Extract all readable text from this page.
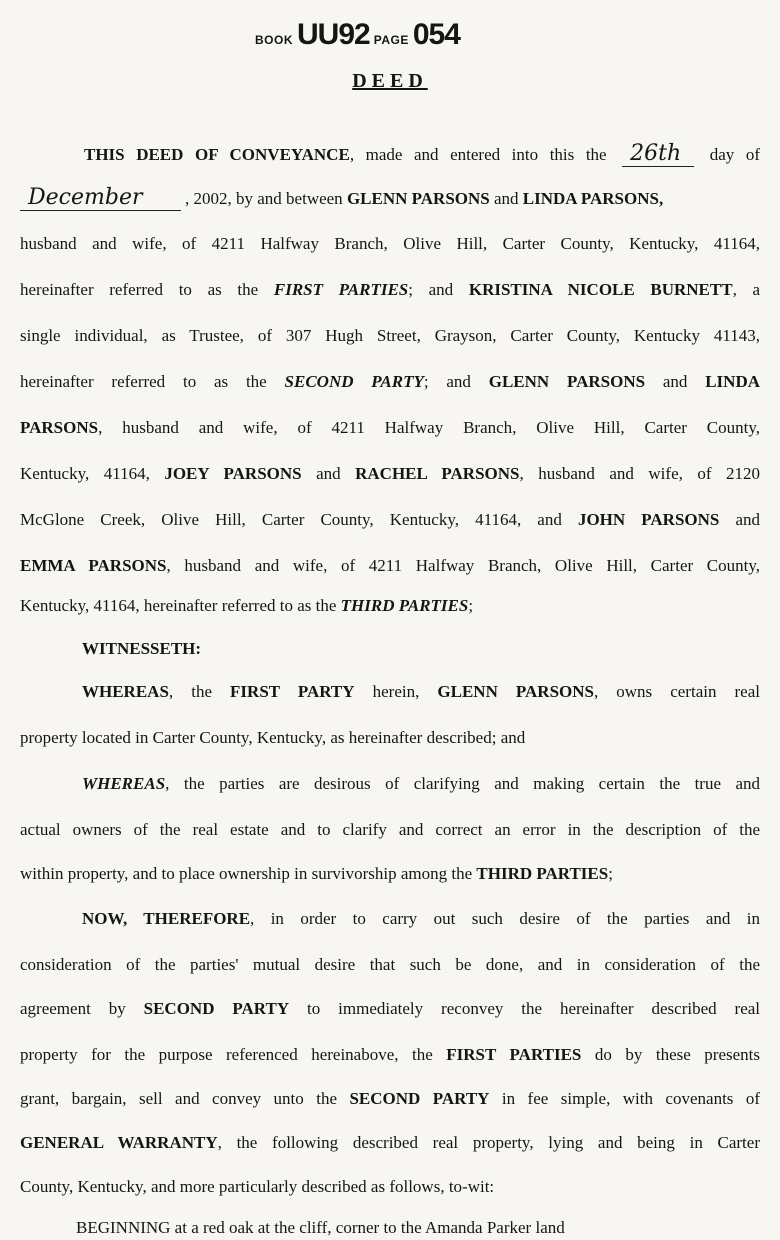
BOOK UU92 PAGE 054
DEED
THIS DEED OF CONVEYANCE, made and entered into this the 26th day of
December	, 2002, by and between GLENN PARSONS and LINDA PARSONS,
husband and wife, of 4211 Halfway Branch, Olive Hill, Carter County, Kentucky, 41164,
hereinafter referred to as the FIRST PARTIES; and KRISTINA NICOLE BURNETT, a
single individual, as Trustee, of 307 Hugh Street, Grayson, Carter County, Kentucky 41143,
hereinafter referred to as the SECOND PARTY; and GLENN PARSONS and LINDA
PARSONS, husband and wife, of 4211 Halfway Branch, Olive Hill, Carter County,
Kentucky, 41164, JOEY PARSONS and RACHEL PARSONS, husband and wife, of 2120
McGlone Creek, Olive Hill, Carter County, Kentucky, 41164, and JOHN PARSONS and
EMMA PARSONS, husband and wife, of 4211 Halfway Branch, Olive Hill, Carter County,
Kentucky, 41164, hereinafter referred to as the THIRD PARTIES;
WITNESSETH:
WHEREAS, the FIRST PARTY herein, GLENN PARSONS, owns certain real
property located in Carter County, Kentucky, as hereinafter described; and
WHEREAS, the parties are desirous of clarifying and making certain the true and
actual owners of the real estate and to clarify and correct an error in the description of the
within property, and to place ownership in survivorship among the THIRD PARTIES;
NOW, THEREFORE, in order to carry out such desire of the parties and in
consideration of the parties' mutual desire that such be done, and in consideration of the
agreement by SECOND PARTY to immediately reconvey the hereinafter described real
property for the purpose referenced hereinabove, the FIRST PARTIES do by these presents
grant, bargain, sell and convey unto the SECOND PARTY in fee simple, with covenants of
GENERAL WARRANTY, the following described real property, lying and being in Carter
County, Kentucky, and more particularly described as follows, to-wit:
BEGINNING at a red oak at the cliff, corner to the Amanda Parker land
